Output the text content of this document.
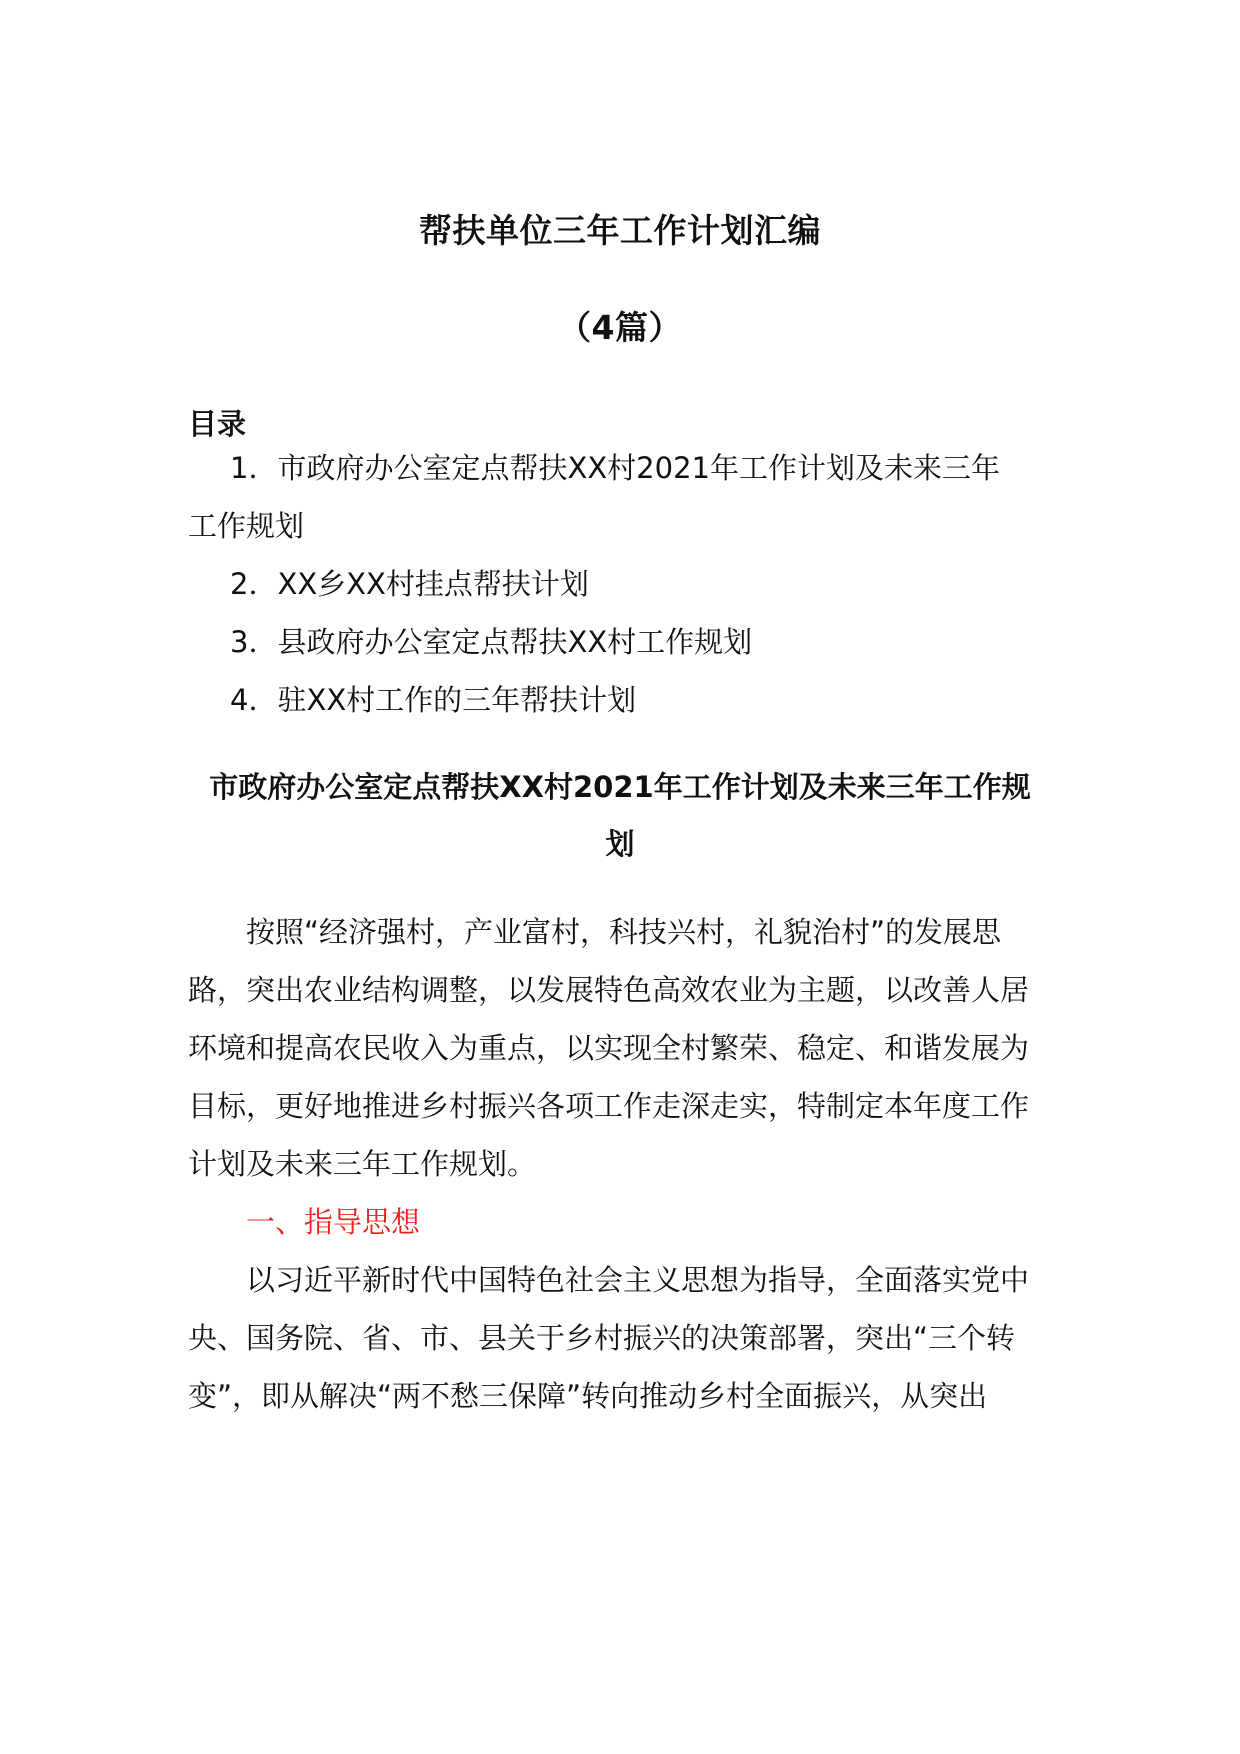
帮扶单位三年工作计划汇编
（4篇）
目录
1．市政府办公室定点帮扶XX村2021年工作计划及未来三年
工作规划
2．XX乡XX村挂点帮扶计划
3．县政府办公室定点帮扶XX村工作规划
4．驻XX村工作的三年帮扶计划
市政府办公室定点帮扶XX村2021年工作计划及未来三年工作规
划
按照“经济强村，产业富村，科技兴村，礼貌治村”的发展思
路，突出农业结构调整，以发展特色高效农业为主题，以改善人居
环境和提高农民收入为重点，以实现全村繁荣、稳定、和谐发展为
目标，更好地推进乡村振兴各项工作走深走实，特制定本年度工作
计划及未来三年工作规划。
一、指导思想
以习近平新时代中国特色社会主义思想为指导，全面落实党中
央、国务院、省、市、县关于乡村振兴的决策部署，突出“三个转
变”，即从解决“两不愁三保障”转向推动乡村全面振兴，从突出
